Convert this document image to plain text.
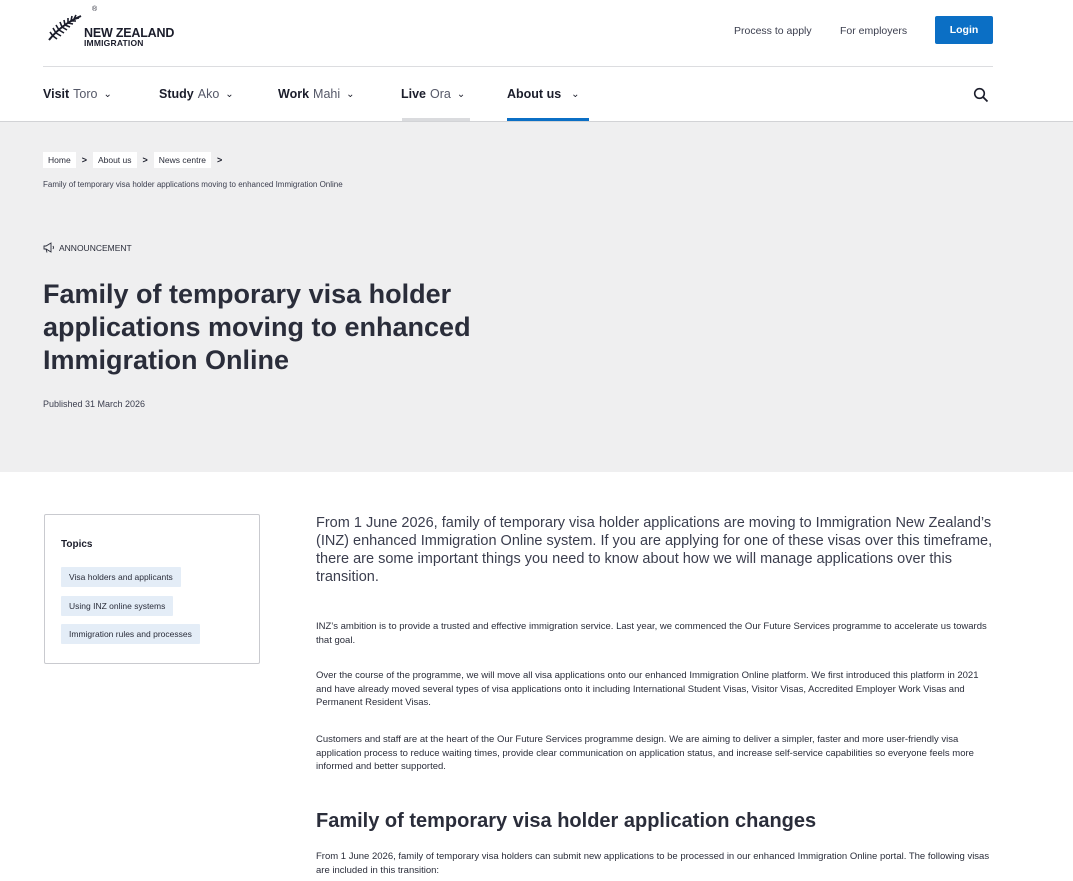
®
NEW ZEALAND
IMMIGRATION
Process to apply	For employers	Login
Visit Toro ⌄	Study Ako ⌄	Work Mahi ⌄	Live Ora ⌄	About us ⌄
Home	>	About us	>	News centre	>
Family of temporary visa holder applications moving to enhanced Immigration Online
ANNOUNCEMENT
Family of temporary visa holder applications moving to enhanced Immigration Online
Published 31 March 2026
Topics
Visa holders and applicants
Using INZ online systems
Immigration rules and processes

From 1 June 2026, family of temporary visa holder applications are moving to Immigration New Zealand’s (INZ) enhanced Immigration Online system. If you are applying for one of these visas over this timeframe, there are some important things you need to know about how we will manage applications over this transition.

INZ’s ambition is to provide a trusted and effective immigration service. Last year, we commenced the Our Future Services programme to accelerate us towards that goal.

Over the course of the programme, we will move all visa applications onto our enhanced Immigration Online platform. We first introduced this platform in 2021 and have already moved several types of visa applications onto it including International Student Visas, Visitor Visas, Accredited Employer Work Visas and Permanent Resident Visas.

Customers and staff are at the heart of the Our Future Services programme design. We are aiming to deliver a simpler, faster and more user-friendly visa application process to reduce waiting times, provide clear communication on application status, and increase self-service capabilities so everyone feels more informed and better supported.

Family of temporary visa holder application changes

From 1 June 2026, family of temporary visa holders can submit new applications to be processed in our enhanced Immigration Online portal. The following visas are included in this transition:
